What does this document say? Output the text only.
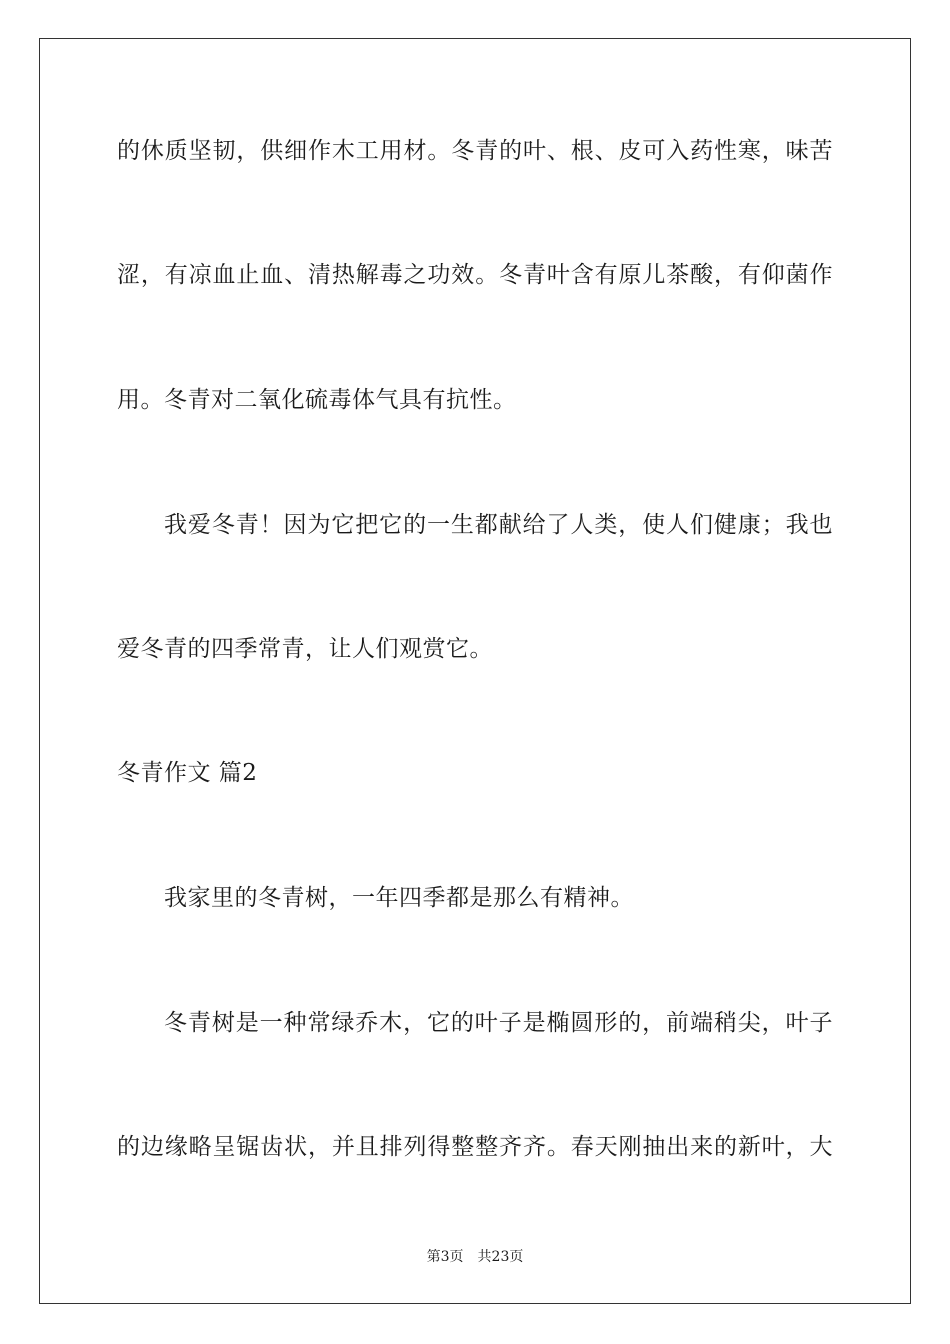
的休质坚韧，供细作木工用材。冬青的叶、根、皮可入药性寒，味苦
涩，有凉血止血、清热解毒之功效。冬青叶含有原儿茶酸，有仰菌作
用。冬青对二氧化硫毒体气具有抗性。
我爱冬青！因为它把它的一生都献给了人类，使人们健康；我也
爱冬青的四季常青，让人们观赏它。
冬青作文 篇2
我家里的冬青树，一年四季都是那么有精神。
冬青树是一种常绿乔木，它的叶子是椭圆形的，前端稍尖，叶子
的边缘略呈锯齿状，并且排列得整整齐齐。春天刚抽出来的新叶，大
第3页 共23页
